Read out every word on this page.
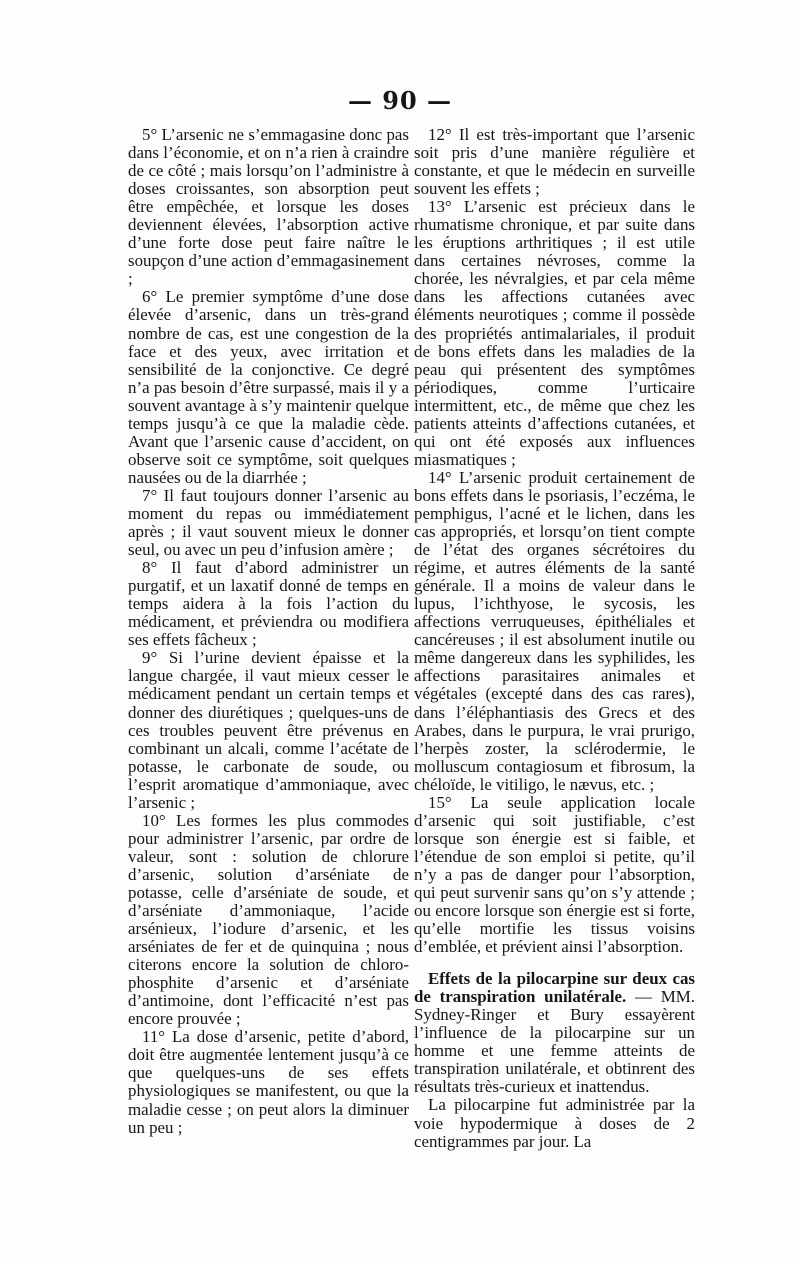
— 90 —

5° L’arsenic ne s’emmagasine donc pas dans l’économie, et on n’a rien à craindre de ce côté ; mais lorsqu’on l’administre à doses croissantes, son absorption peut être empêchée, et lorsque les doses deviennent élevées, l’absorption active d’une forte dose peut faire naître le soupçon d’une action d’emmagasinement ;

6° Le premier symptôme d’une dose élevée d’arsenic, dans un très-grand nombre de cas, est une congestion de la face et des yeux, avec irritation et sensibilité de la conjonctive. Ce degré n’a pas besoin d’être surpassé, mais il y a souvent avantage à s’y maintenir quelque temps jusqu’à ce que la maladie cède. Avant que l’arsenic cause d’accident, on observe soit ce symptôme, soit quelques nausées ou de la diarrhée ;

7° Il faut toujours donner l’arsenic au moment du repas ou immédiatement après ; il vaut souvent mieux le donner seul, ou avec un peu d’infusion amère ;

8° Il faut d’abord administrer un purgatif, et un laxatif donné de temps en temps aidera à la fois l’action du médicament, et préviendra ou modifiera ses effets fâcheux ;

9° Si l’urine devient épaisse et la langue chargée, il vaut mieux cesser le médicament pendant un certain temps et donner des diurétiques ; quelques-uns de ces troubles peuvent être prévenus en combinant un alcali, comme l’acétate de potasse, le carbonate de soude, ou l’esprit aromatique d’ammoniaque, avec l’arsenic ;

10° Les formes les plus commodes pour administrer l’arsenic, par ordre de valeur, sont : solution de chlorure d’arsenic, solution d’arséniate de potasse, celle d’arséniate de soude, et d’arséniate d’ammoniaque, l’acide arsénieux, l’iodure d’arsenic, et les arséniates de fer et de quinquina ; nous citerons encore la solution de chloro-phosphite d’arsenic et d’arséniate d’antimoine, dont l’efficacité n’est pas encore prouvée ;

11° La dose d’arsenic, petite d’abord, doit être augmentée lentement jusqu’à ce que quelques-uns de ses effets physiologiques se manifestent, ou que la maladie cesse ; on peut alors la diminuer un peu ;

12° Il est très-important que l’arsenic soit pris d’une manière régulière et constante, et que le médecin en surveille souvent les effets ;

13° L’arsenic est précieux dans le rhumatisme chronique, et par suite dans les éruptions arthritiques ; il est utile dans certaines névroses, comme la chorée, les névralgies, et par cela même dans les affections cutanées avec éléments neurotiques ; comme il possède des propriétés antimalariales, il produit de bons effets dans les maladies de la peau qui présentent des symptômes périodiques, comme l’urticaire intermittent, etc., de même que chez les patients atteints d’affections cutanées, et qui ont été exposés aux influences miasmatiques ;

14° L’arsenic produit certainement de bons effets dans le psoriasis, l’eczéma, le pemphigus, l’acné et le lichen, dans les cas appropriés, et lorsqu’on tient compte de l’état des organes sécrétoires du régime, et autres éléments de la santé générale. Il a moins de valeur dans le lupus, l’ichthyose, le sycosis, les affections verruqueuses, épithéliales et cancéreuses ; il est absolument inutile ou même dangereux dans les syphilides, les affections parasitaires animales et végétales (excepté dans des cas rares), dans l’éléphantiasis des Grecs et des Arabes, dans le purpura, le vrai prurigo, l’herpès zoster, la sclérodermie, le molluscum contagiosum et fibrosum, la chéloïde, le vitiligo, le nævus, etc. ;

15° La seule application locale d’arsenic qui soit justifiable, c’est lorsque son énergie est si faible, et l’étendue de son emploi si petite, qu’il n’y a pas de danger pour l’absorption, qui peut survenir sans qu’on s’y attende ; ou encore lorsque son énergie est si forte, qu’elle mortifie les tissus voisins d’emblée, et prévient ainsi l’absorption.

Effets de la pilocarpine sur deux cas de transpiration unilatérale. — MM. Sydney-Ringer et Bury essayèrent l’influence de la pilocarpine sur un homme et une femme atteints de transpiration unilatérale, et obtinrent des résultats très-curieux et inattendus.

La pilocarpine fut administrée par la voie hypodermique à doses de 2 centigrammes par jour. La
